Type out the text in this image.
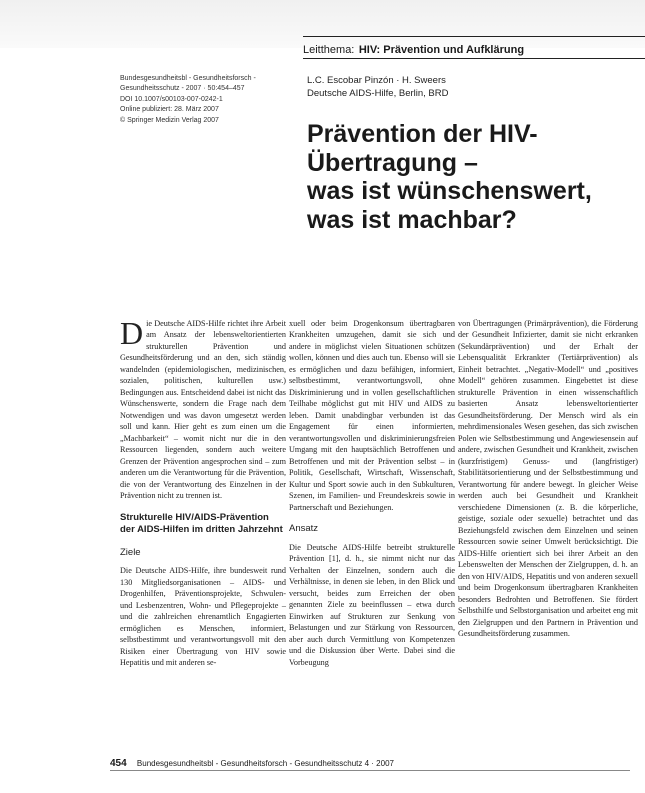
Leitthema: HIV: Prävention und Aufklärung
Bundesgesundheitsbl - Gesundheitsforsch -
Gesundheitsschutz - 2007 · 50:454–457
DOI 10.1007/s00103-007-0242-1
Online publiziert: 28. März 2007
© Springer Medizin Verlag 2007
L.C. Escobar Pinzón · H. Sweers
Deutsche AIDS-Hilfe, Berlin, BRD
Prävention der HIV-
Übertragung –
was ist wünschenswert,
was ist machbar?

Die Deutsche AIDS-Hilfe richtet ihre Arbeit am Ansatz der lebensweltorientierten strukturellen Prävention und Gesundheitsförderung und an den, sich ständig wandelnden (epidemiologischen, medizinischen, sozialen, politischen, kulturellen usw.) Bedingungen aus. Entscheidend dabei ist nicht das Wünschenswerte, sondern die Frage nach dem Notwendigen und was davon umgesetzt werden soll und kann. Hier geht es zum einen um die „Machbarkeit“ – womit nicht nur die in den Ressourcen liegenden, sondern auch weitere Grenzen der Prävention angesprochen sind – zum anderen um die Verantwortung für die Prävention, die von der Verantwortung des Einzelnen in der Prävention nicht zu trennen ist.

Strukturelle HIV/AIDS-Prävention der AIDS-Hilfen im dritten Jahrzehnt
Ziele

Die Deutsche AIDS-Hilfe, ihre bundesweit rund 130 Mitgliedsorganisationen – AIDS- und Drogenhilfen, Präventionsprojekte, Schwulen- und Lesbenzentren, Wohn- und Pflegeprojekte – und die zahlreichen ehrenamtlich Engagierten ermöglichen es Menschen, informiert, selbstbestimmt und verantwortungsvoll mit den Risiken einer Übertragung von HIV sowie Hepatitis und mit anderen se-

xuell oder beim Drogenkonsum übertragbaren Krankheiten umzugehen, damit sie sich und andere in möglichst vielen Situationen schützen wollen, können und dies auch tun. Ebenso will sie es ermöglichen und dazu befähigen, informiert, selbstbestimmt, verantwortungsvoll, ohne Diskriminierung und in vollen gesellschaftlichen Teilhabe möglichst gut mit HIV und AIDS zu leben. Damit unabdingbar verbunden ist das Engagement für einen informierten, verantwortungsvollen und diskriminierungsfreien Umgang mit den hauptsächlich Betroffenen und Betroffenen und mit der Prävention selbst – in Politik, Gesellschaft, Wirtschaft, Wissenschaft, Kultur und Sport sowie auch in den Subkulturen, Szenen, im Familien- und Freundeskreis sowie in Partnerschaft und Beziehungen.

Ansatz

Die Deutsche AIDS-Hilfe betreibt strukturelle Prävention [1], d. h., sie nimmt nicht nur das Verhalten der Einzelnen, sondern auch die Verhältnisse, in denen sie leben, in den Blick und versucht, beides zum Erreichen der oben genannten Ziele zu beeinflussen – etwa durch Einwirken auf Strukturen zur Senkung von Belastungen und zur Stärkung von Ressourcen, aber auch durch Vermittlung von Kompetenzen und die Diskussion über Werte. Dabei sind die Vorbeugung

von Übertragungen (Primärprävention), die Förderung der Gesundheit Infizierter, damit sie nicht erkranken (Sekundärprävention) und der Erhalt der Lebensqualität Erkrankter (Tertiärprävention) als Einheit betrachtet. „Negativ-Modell“ und „positives Modell“ gehören zusammen. Eingebettet ist diese strukturelle Prävention in einen wissenschaftlich basierten Ansatz lebensweltorientierter Gesundheitsförderung. Der Mensch wird als ein mehrdimensionales Wesen gesehen, das sich zwischen Polen wie Selbstbestimmung und Angewiesensein auf andere, zwischen Gesundheit und Krankheit, zwischen (kurzfristigem) Genuss- und (langfristiger) Stabilitätsorientierung und der Selbstbestimmung und Verantwortung für andere bewegt. In gleicher Weise werden auch bei Gesundheit und Krankheit verschiedene Dimensionen (z. B. die körperliche, geistige, soziale oder sexuelle) betrachtet und das Beziehungsfeld zwischen dem Einzelnen und seinen Ressourcen sowie seiner Umwelt berücksichtigt. Die AIDS-Hilfe orientiert sich bei ihrer Arbeit an den Lebenswelten der Menschen der Zielgruppen, d. h. an den von HIV/AIDS, Hepatitis und von anderen sexuell und beim Drogenkonsum übertragbaren Krankheiten besonders Bedrohten und Betroffenen. Sie fördert Selbsthilfe und Selbstorganisation und arbeitet eng mit den Zielgruppen und den Partnern in Prävention und Gesundheitsförderung zusammen.

454 Bundesgesundheitsbl - Gesundheitsforsch - Gesundheitsschutz 4 · 2007
